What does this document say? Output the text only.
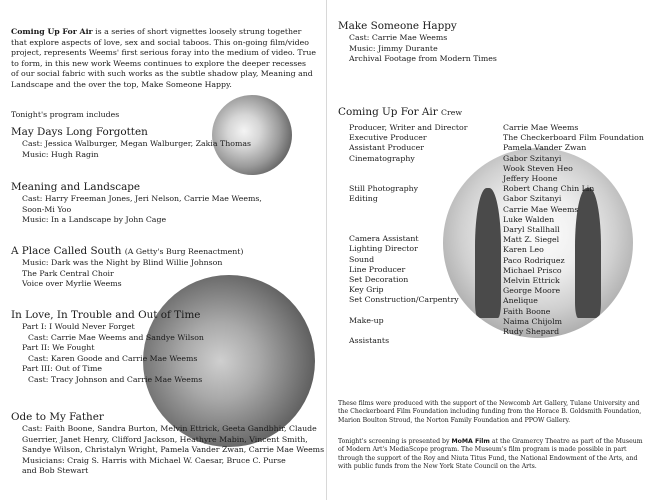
Coming Up For Air is a series of short vignettes loosely strung together that explore aspects of love, sex and social taboos. This on-going film/video project, represents Weems' first serious foray into the medium of video. True to form, in this new work Weems continues to explore the deeper recesses of our social fabric with such works as the subtle shadow play, Meaning and Landscape and the over the top, Make Someone Happy.
Tonight's program includes
May Days Long Forgotten
Cast: Jessica Walburger, Megan Walburger, Zakia Thomas
Music: Hugh Ragin
Meaning and Landscape
Cast: Harry Freeman Jones, Jeri Nelson, Carrie Mae Weems,
Soon-Mi Yoo
Music: In a Landscape by John Cage
A Place Called South (A Getty's Burg Reenactment)
Music: Dark was the Night by Blind Willie Johnson
The Park Central Choir
Voice over Myrlie Weems
In Love, In Trouble and Out of Time
Part I: I Would Never Forget
Cast: Carrie Mae Weems and Sandye Wilson
Part II: We Fought
Cast: Karen Goode and Carrie Mae Weems
Part III: Out of Time
Cast: Tracy Johnson and Carrie Mae Weems
Ode to My Father
Cast: Faith Boone, Sandra Burton, Melvin Ettrick, Geeta Gandbhir, Claude
Guerrier, Janet Henry, Clifford Jackson, Heathyre Mabin, Vincent Smith,
Sandye Wilson, Christalyn Wright, Pamela Vander Zwan, Carrie Mae Weems
Musicians: Craig S. Harris with Michael W. Caesar, Bruce C. Purse
and Bob Stewart
Make Someone Happy
Cast: Carrie Mae Weems
Music: Jimmy Durante
Archival Footage from Modern Times
Coming Up For Air Crew
Producer, Writer and Director
Executive Producer
Assistant Producer
Cinematography
Still Photography
Editing
Camera Assistant
Lighting Director
Sound
Line Producer
Set Decoration
Key Grip
Set Construction/Carpentry
Make-up
Assistants
Carrie Mae Weems
The Checkerboard Film Foundation
Pamela Vander Zwan
Gabor Szitanyi
Wook Steven Heo
Jeffery Hoone
Robert Chang Chin Lin
Gabor Szitanyi
Carrie Mae Weems
Luke Walden
Daryl Stallhall
Matt Z. Siegel
Karen Leo
Paco Rodriquez
Michael Prisco
Melvin Ettrick
George Moore
Anelique
Faith Boone
Naima Chijolm
Rudy Shepard
These films were produced with the support of the Newcomb Art Gallery, Tulane University and the Checkerboard Film Foundation including funding from the Horace B. Goldsmith Foundation, Marion Boulton Stroud, the Norton Family Foundation and PPOW Gallery.
Tonight's screening is presented by MoMA Film at the Gramercy Theatre as part of the Museum of Modern Art's MediaScope program. The Museum's film program is made possible in part through the support of the Roy and Niuta Titus Fund, the National Endowment of the Arts, and with public funds from the New York State Council on the Arts.
